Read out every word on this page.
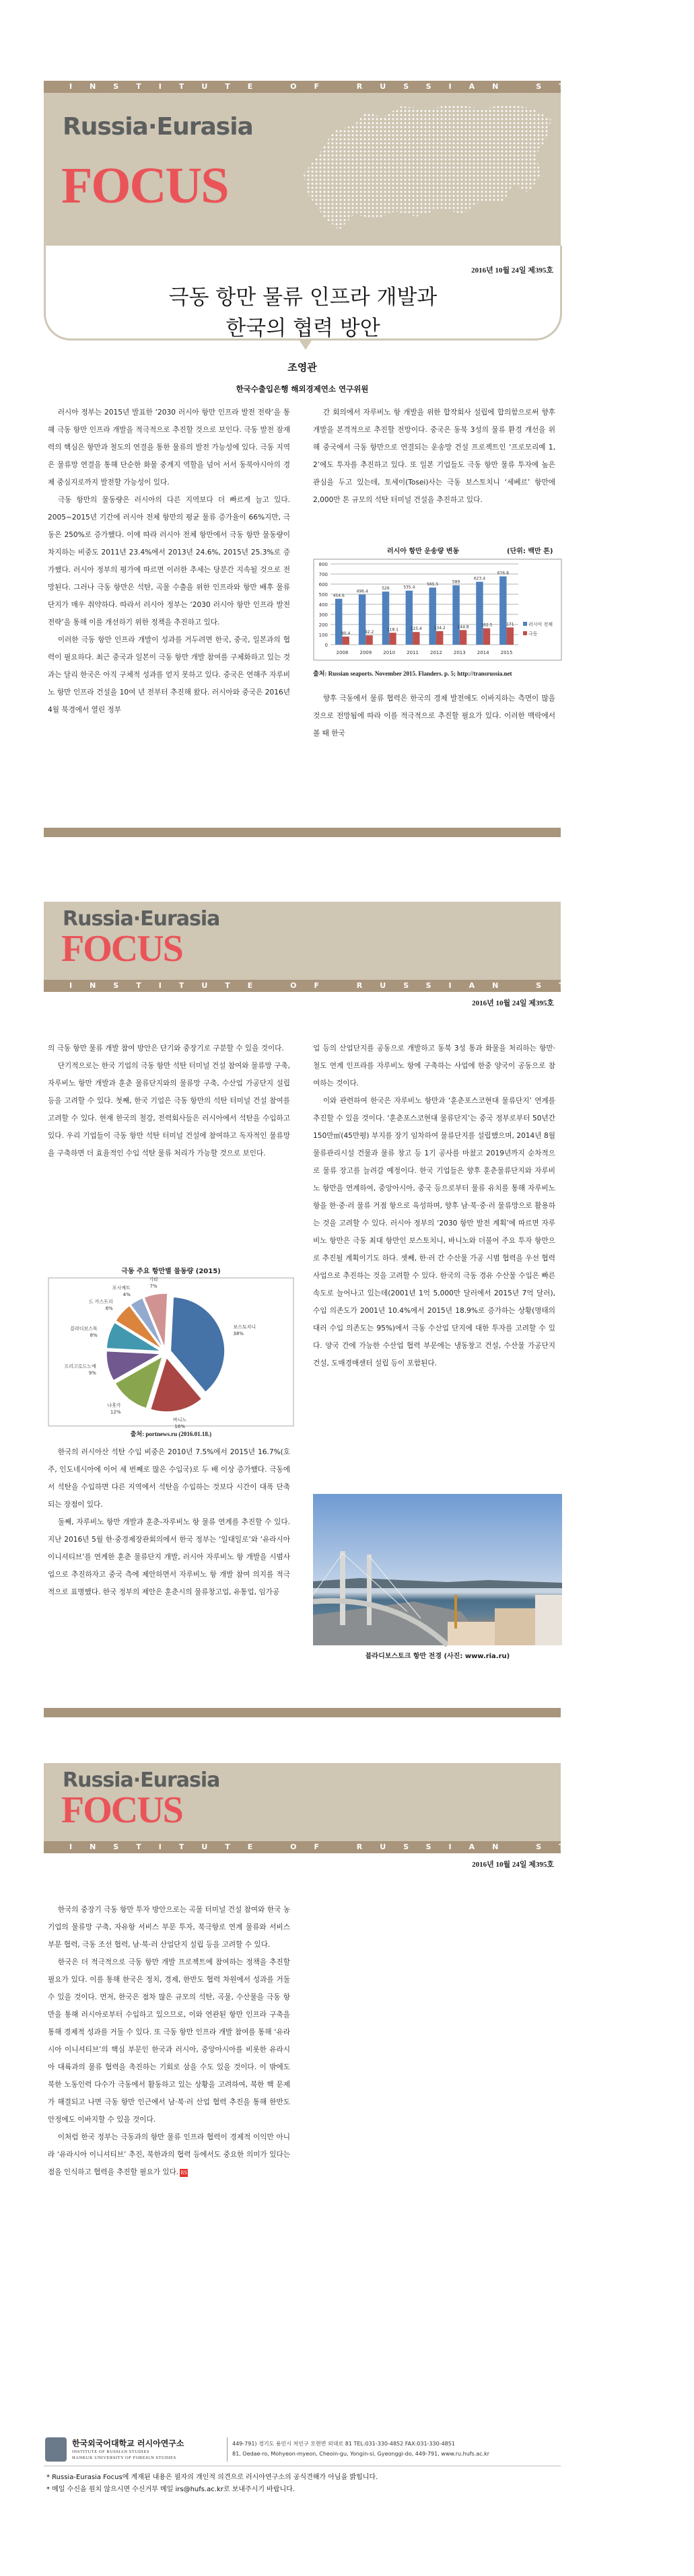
INSTITUTE OF RUSSIAN STUDIES
Russia·Eurasia
FOCUS
2016년 10월 24일 제395호
극동 항만 물류 인프라 개발과
한국의 협력 방안
조영관
한국수출입은행 해외경제연소 연구위원

러시아 정부는 2015년 발표한 ‘2030 러시아 항만 인프라 발전 전략’을 통해 극동 항만 인프라 개발을 적극적으로 추진할 것으로 보인다. 극동 발전 잠재력의 핵심은 항만과 철도의 연결을 통한 물류의 발전 가능성에 있다. 극동 지역은 물류망 연결을 통해 단순한 화물 중계지 역할을 넘어 서서 동북아시아의 경제 중심지로까지 발전할 가능성이 있다.

극동 항만의 물동량은 러시아의 다른 지역보다 더 빠르게 늘고 있다. 2005~2015년 기간에 러시아 전체 항만의 평균 물류 증가율이 66%지만, 극동은 250%로 증가했다. 이에 따라 러시아 전체 항만에서 극동 항만 물동량이 차지하는 비중도 2011년 23.4%에서 2013년 24.6%, 2015년 25.3%로 증가했다. 러시아 정부의 평가에 따르면 이러한 추세는 당분간 지속될 것으로 전망된다. 그러나 극동 항만은 석탄, 곡물 수출을 위한 인프라와 항만 배후 물류단지가 매우 취약하다. 따라서 러시아 정부는 ‘2030 러시아 항만 인프라 발전 전략’을 통해 이를 개선하기 위한 정책을 추진하고 있다.

이러한 극동 항만 인프라 개발이 성과를 거두려면 한국, 중국, 일본과의 협력이 필요하다. 최근 중국과 일본이 극동 항만 개발 참여를 구체화하고 있는 것과는 달리 한국은 아직 구체적 성과를 얻지 못하고 있다. 중국은 연해주 자루비노 항만 인프라 건설을 10여 년 전부터 추진해 왔다. 러시아와 중국은 2016년 4월 북경에서 열린 정부

간 회의에서 자루비노 항 개발을 위한 합작회사 설립에 합의함으로써 향후 개발을 본격적으로 추진할 전망이다. 중국은 동북 3성의 물류 환경 개선을 위해 중국에서 극동 항만으로 연결되는 운송망 건설 프로젝트인 ‘프로모리예 1, 2’에도 투자를 추진하고 있다. 또 일본 기업들도 극동 항만 물류 투자에 높은 관심을 두고 있는데, 토세이(Tosei)사는 극동 보스토치니 ‘세베르’ 항만에 2,000만 톤 규모의 석탄 터미널 건설을 추진하고 있다.

러시아 항만 운송량 변동	(단위: 백만 톤)
0
100
200
300
400
500
600
700
800
454.6
80.4
2008
496.4
92.2
2009
526
118.1
2010
535.4
125.4
2011
565.5
134.2
2012
589
144.8
2013
623.4
162.5
2014
676.8
171
2015
러시아 전체
극동
출처: Russian seaports. November 2015. Flanders. p. 5; http://transrussia.net

향후 극동에서 물류 협력은 한국의 경제 발전에도 이바지하는 측면이 많을 것으로 전망됨에 따라 이를 적극적으로 추진할 필요가 있다. 이러한 맥락에서 볼 때 한국

Russia·Eurasia
FOCUS
INSTITUTE OF RUSSIAN STUDIES
2016년 10월 24일 제395호

의 극동 항만 물류 개발 참여 방안은 단기와 중장기로 구분할 수 있을 것이다.

단기적으로는 한국 기업의 극동 항만 석탄 터미널 건설 참여와 물류망 구축, 자루비노 항만 개발과 훈춘 물류단지와의 물류망 구축, 수산업 가공단지 설립 등을 고려할 수 있다. 첫째, 한국 기업은 극동 항만의 석탄 터미널 건설 참여를 고려할 수 있다. 현재 한국의 철강, 전력회사들은 러시아에서 석탄을 수입하고 있다. 우리 기업들이 극동 항만 석탄 터미널 건설에 참여하고 독자적인 물류망을 구축하면 더 효율적인 수입 석탄 물류 처리가 가능할 것으로 보인다.

극동 주요 항만별 물동량 (2015)
보스토치니
38%
바니노
16%
나홋카
12%
프리고로드노예
9%
블라디보스톡
8%
드 카스트리
6%
포시예트
4%
기타
7%
출처: portnews.ru (2016.01.18.)

한국의 러시아산 석탄 수입 비중은 2010년 7.5%에서 2015년 16.7%(호주, 인도네시아에 이어 세 번째로 많은 수입국)로 두 배 이상 증가했다. 극동에서 석탄을 수입하면 다른 지역에서 석탄을 수입하는 것보다 시간이 대폭 단축되는 장점이 있다.

둘째, 자루비노 항만 개발과 훈춘-자루비노 항 물류 연계를 추진할 수 있다. 지난 2016년 5월 한·중경제장관회의에서 한국 정부는 ‘일대일로’와 ‘유라시아 이니셔티브’를 연계한 훈춘 물류단지 개발, 러시아 자루비노 항 개발을 시범사업으로 추진하자고 중국 측에 제안하면서 자루비노 항 개발 참여 의지를 적극적으로 표명했다. 한국 정부의 제안은 훈춘시의 물류창고업, 유통업, 임가공

업 등의 산업단지를 공동으로 개발하고 동북 3성 통과 화물을 처리하는 항만·철도 연계 인프라를 자루비노 항에 구축하는 사업에 한중 양국이 공동으로 참여하는 것이다.

이와 관련하여 한국은 자루비노 항만과 ‘훈춘포스코현대 물류단지’ 연계를 추진할 수 있을 것이다. ‘훈춘포스코현대 물류단지’는 중국 정부로부터 50년간 150만㎡(45만평) 부지를 장기 임차하여 물류단지를 설립했으며, 2014년 8월 물류관리시설 건물과 물류 창고 등 1기 공사를 마쳤고 2019년까지 순차적으로 물류 장고를 늘려갈 예정이다. 한국 기업들은 향후 훈춘물류단지와 자루비노 항만을 연계하여, 중앙아시아, 중국 등으로부터 물류 유치를 통해 자루비노 항을 한·중·러 물류 거점 항으로 육성하며, 향후 남·북·중·러 물류망으로 활용하는 것을 고려할 수 있다. 러시아 정부의 ‘2030 항만 발전 계획’에 따르면 자루비노 항만은 극동 최대 항만인 보스토치니, 바니노와 더불어 주요 투자 항만으로 추진될 계획이기도 하다. 셋째, 한·러 간 수산물 가공 시범 협력을 우선 협력 사업으로 추진하는 것을 고려할 수 있다. 한국의 극동 경유 수산물 수입은 빠른 속도로 늘어나고 있는데(2001년 1억 5,000만 달러에서 2015년 7억 달러), 수입 의존도가 2001년 10.4%에서 2015년 18.9%로 증가하는 상황(명태의 대러 수입 의존도는 95%)에서 극동 수산업 단지에 대한 투자를 고려할 수 있다. 양국 간에 가능한 수산업 협력 부문에는 냉동창고 건설, 수산물 가공단지 건설, 도매경매센터 설립 등이 포함된다.

블라디보스토크 항만 전경 (사진: www.ria.ru)
Russia·Eurasia
FOCUS
INSTITUTE OF RUSSIAN STUDIES
2016년 10월 24일 제395호

한국의 중장기 극동 항만 투자 방안으로는 곡물 터미널 건설 참여와 한국 농기업의 물류망 구축, 자유항 서비스 부문 투자, 북극항로 연계 물류와 서비스 부문 협력, 극동 조선 협력, 남·북·러 산업단지 설립 등을 고려할 수 있다.

한국은 더 적극적으로 극동 항만 개발 프로젝트에 참여하는 정책을 추진할 필요가 있다. 이를 통해 한국은 정치, 경제, 한반도 협력 차원에서 성과를 거둘 수 있을 것이다. 먼저, 한국은 점차 많은 규모의 석탄, 곡물, 수산물을 극동 항만을 통해 러시아로부터 수입하고 있으므로, 이와 연관된 항만 인프라 구축을 통해 경제적 성과를 거둘 수 있다. 또 극동 항만 인프라 개발 참여를 통해 ‘유라시아 이니셔티브’의 핵심 부문인 한국과 러시아, 중앙아시아를 비롯한 유라시아 대륙과의 물류 협력을 촉진하는 기회로 삼을 수도 있을 것이다. 이 밖에도 북한 노동인력 다수가 극동에서 활동하고 있는 상황을 고려하여, 북한 핵 문제가 해결되고 나면 극동 항만 인근에서 남·북·러 산업 협력 추진을 통해 한반도 안정에도 이바지할 수 있을 것이다.

이처럼 한국 정부는 극동과의 항만 물류 인프라 협력이 경제적 이익만 아니라 ‘유라시아 이니셔티브’ 추진, 북한과의 협력 등에서도 중요한 의미가 있다는 점을 인식하고 협력을 추진할 필요가 있다. RS

한국외국어대학교 러시아연구소
INSTITUTE OF RUSSIAN STUDIES
HANKUK UNIVERSITY OF FOREIGN STUDIES
449-791) 경기도 용인시 처인구 모현면 외대로 81 TEL:031-330-4852 FAX:031-330-4851
81, Oedae-ro, Mohyeon-myeon, Cheoin-gu, Yongin-si, Gyeonggi-do, 449-791, www.ru.hufs.ac.kr
* Russia-Eurasia Focus에 게재된 내용은 필자의 개인적 의견으로 러시아연구소의 공식견해가 아님을 밝힙니다.
* 메일 수신을 원치 않으시면 수신거부 메일 irs@hufs.ac.kr로 보내주시기 바랍니다.
